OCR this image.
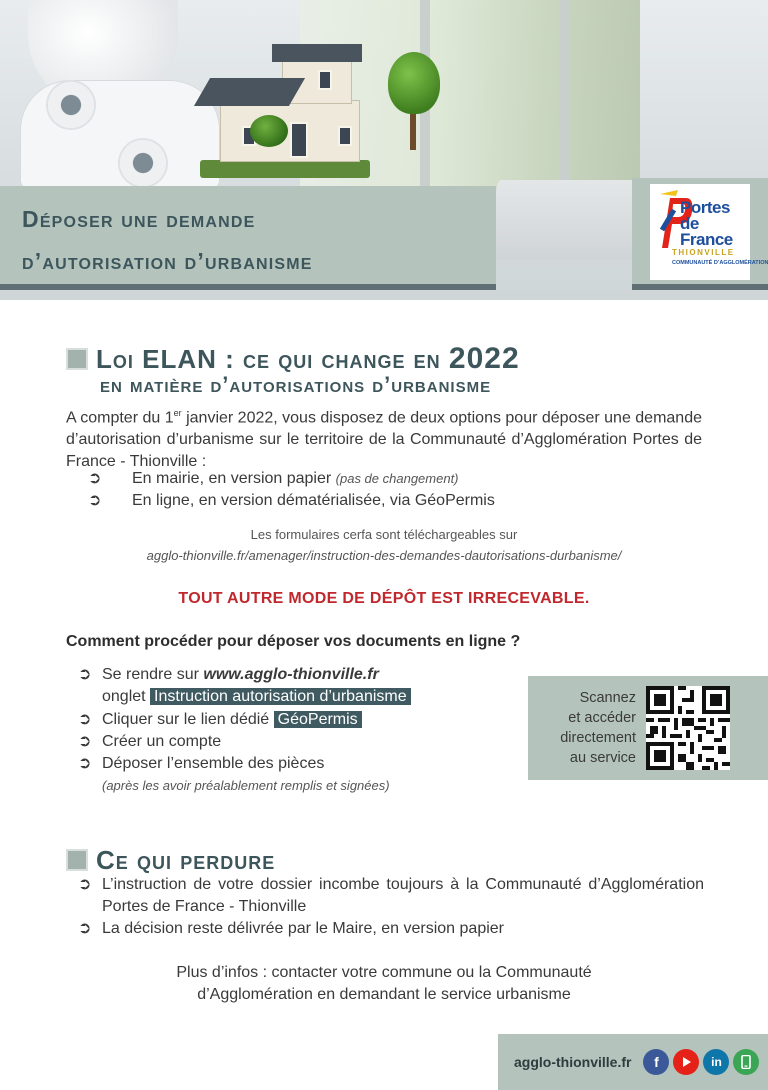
Déposer une demande
d’autorisation d’urbanisme
Portes
de France
THIONVILLE
COMMUNAUTÉ D’AGGLOMÉRATION
Loi ELAN : ce qui change en 2022
en matière d’autorisations d’urbanisme
A compter du 1er janvier 2022, vous disposez de deux options pour déposer une demande d’autorisation d’urbanisme sur le territoire de la Communauté d’Agglomération Portes de France - Thionville :
➲ En mairie, en version papier (pas de changement)
➲ En ligne, en version dématérialisée, via GéoPermis
Les formulaires cerfa sont téléchargeables sur
agglo-thionville.fr/amenager/instruction-des-demandes-dautorisations-durbanisme/
TOUT AUTRE MODE DE DÉPÔT EST IRRECEVABLE.
Comment procéder pour déposer vos documents en ligne ?
➲ Se rendre sur www.agglo-thionville.fr
onglet Instruction autorisation d’urbanisme
➲ Cliquer sur le lien dédié GéoPermis
➲ Créer un compte
➲ Déposer l’ensemble des pièces
(après les avoir préalablement remplis et signées)
Scannez
et accéder
directement
au service
Ce qui perdure
➲ L’instruction de votre dossier incombe toujours à la Communauté d’Agglomération Portes de France - Thionville
➲ La décision reste délivrée par le Maire, en version papier
Plus d’infos : contacter votre commune ou la Communauté
d’Agglomération en demandant le service urbanisme
agglo-thionville.fr	f	in
